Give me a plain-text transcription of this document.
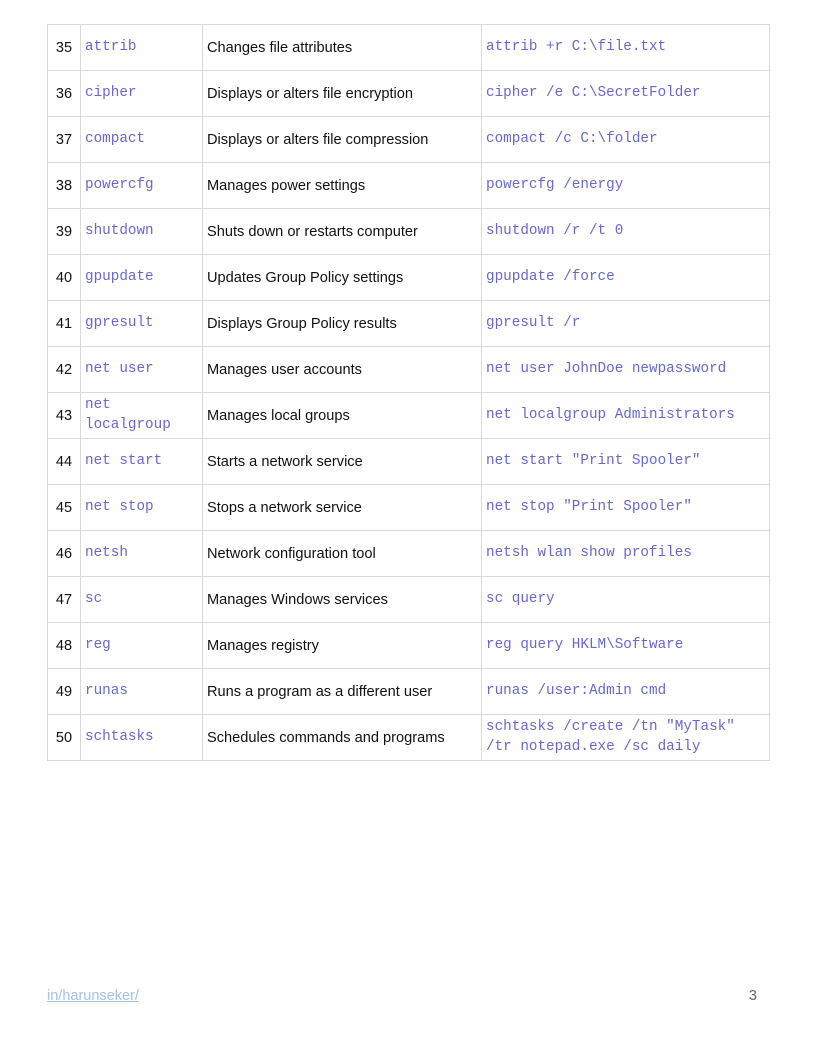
35	attrib	Changes file attributes	attrib +r C:\file.txt
36	cipher	Displays or alters file encryption	cipher /e C:\SecretFolder
37	compact	Displays or alters file compression	compact /c C:\folder
38	powercfg	Manages power settings	powercfg /energy
39	shutdown	Shuts down or restarts computer	shutdown /r /t 0
40	gpupdate	Updates Group Policy settings	gpupdate /force
41	gpresult	Displays Group Policy results	gpresult /r
42	net user	Manages user accounts	net user JohnDoe newpassword
43	net localgroup	Manages local groups	net localgroup Administrators
44	net start	Starts a network service	net start "Print Spooler"
45	net stop	Stops a network service	net stop "Print Spooler"
46	netsh	Network configuration tool	netsh wlan show profiles
47	sc	Manages Windows services	sc query
48	reg	Manages registry	reg query HKLM\Software
49	runas	Runs a program as a different user	runas /user:Admin cmd
50	schtasks	Schedules commands and programs	schtasks /create /tn "MyTask" /tr notepad.exe /sc daily
in/harunseker/	3
